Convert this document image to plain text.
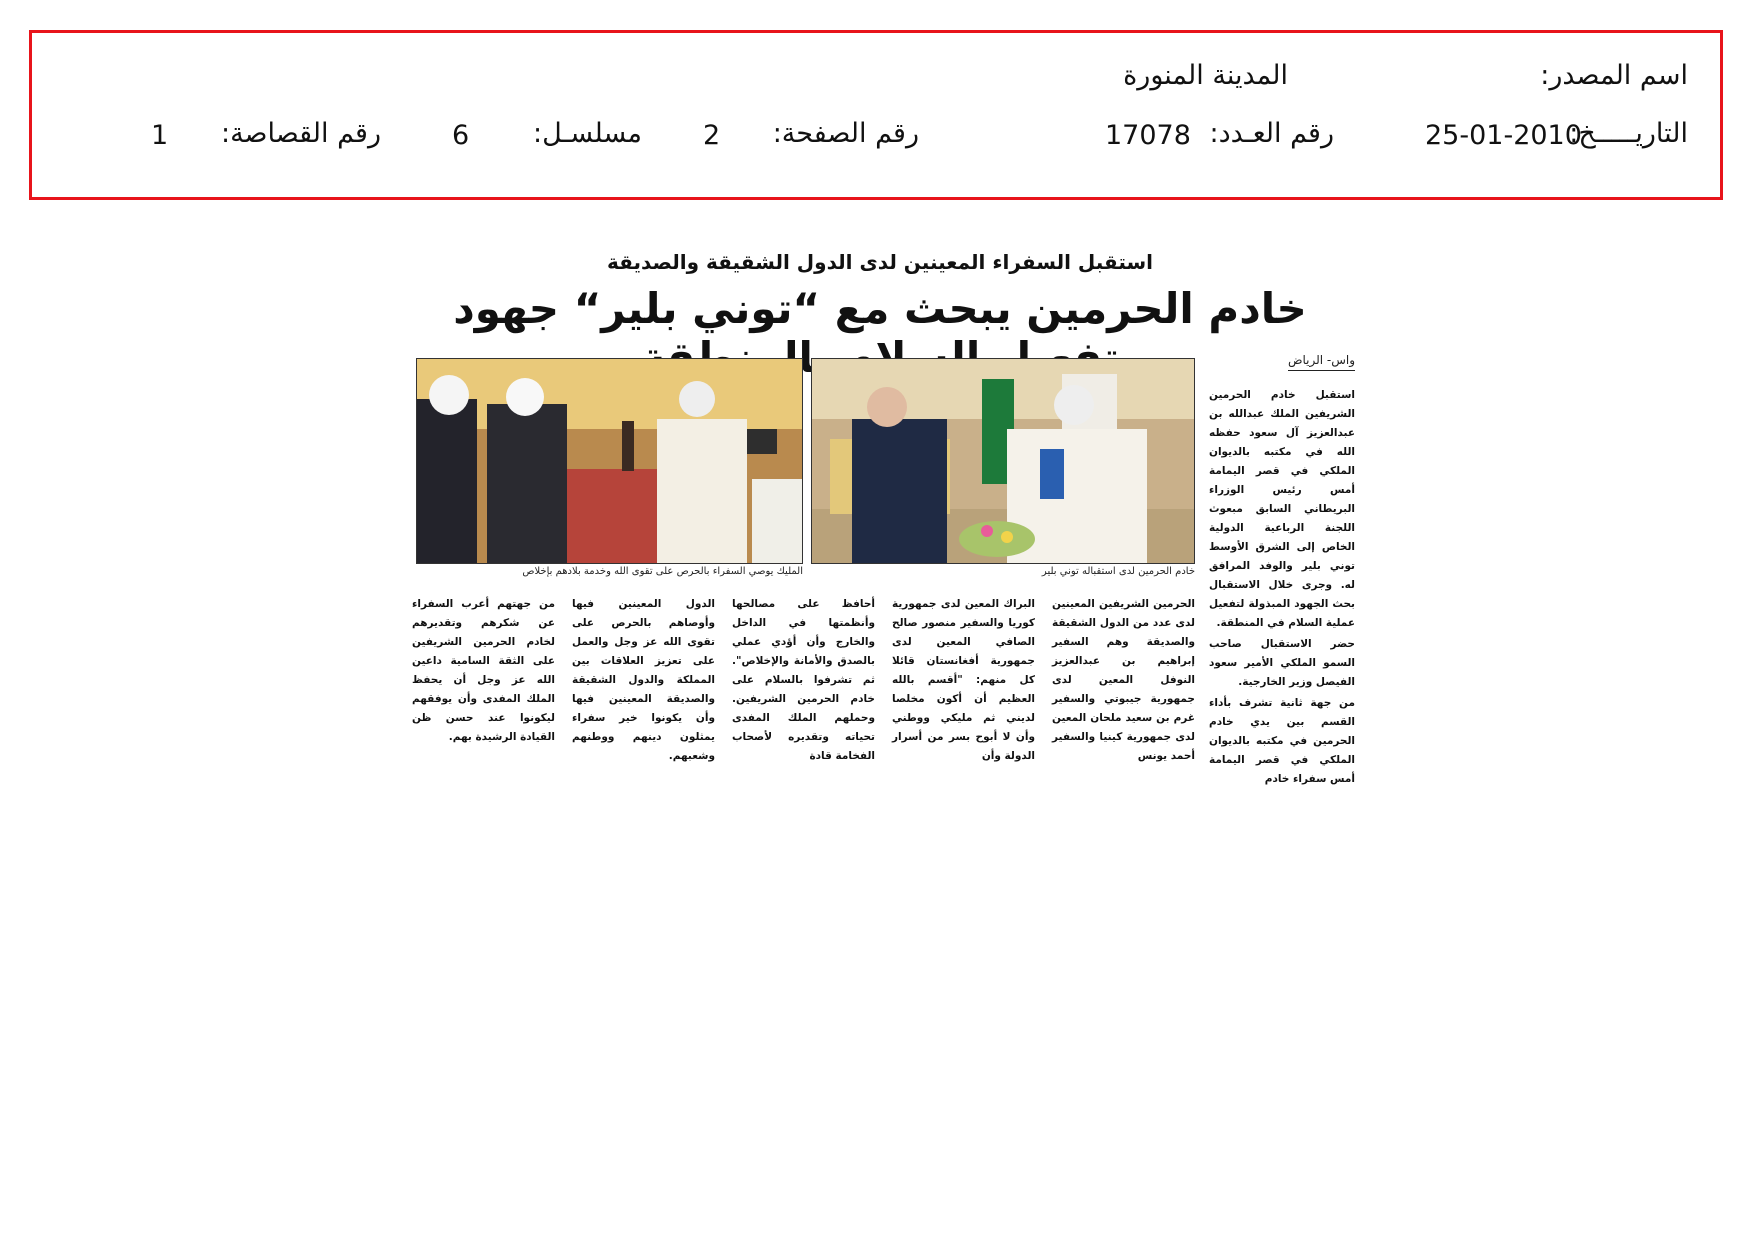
اسم المصدر:
المدينة المنورة
التاريـــــخ:
25-01-2010
رقم العـدد:
17078
رقم الصفحة:
2
مسلسـل:
6
رقم القصاصة:
1
استقبل السفراء المعينين لدى الدول الشقيقة والصديقة
خادم الحرمين يبحث مع “توني بلير“ جهود
واس- الرياض

استقبل خادم الحرمين الشريفين الملك عبدالله بن عبدالعزيز آل سعود حفظه الله في مكتبه بالديوان الملكي في قصر اليمامة أمس رئيس الوزراء البريطاني السابق مبعوث اللجنة الرباعية الدولية الخاص إلى الشرق الأوسط توني بلير والوفد المرافق له. وجرى خلال الاستقبال بحث الجهود المبذولة لتفعيل عملية السلام في المنطقة.

حضر الاستقبال صاحب السمو الملكي الأمير سعود الفيصل وزير الخارجية.

من جهة ثانية تشرف بأداء القسم بين يدي خادم الحرمين في مكتبه بالديوان الملكي في قصر اليمامة أمس سفراء خادم

خادم الحرمين لدى استقباله توني بلير
المليك يوصي السفراء بالحرص على تقوى الله وخدمة بلادهم بإخلاص
الحرمين الشريفين المعينين لدى عدد من الدول الشقيقة والصديقة وهم السفير إبراهيم بن عبدالعزيز النوفل المعين لدى جمهورية جيبوتي والسفير غرم بن سعيد ملحان المعين لدى جمهورية كينيا والسفير أحمد يونس
البراك المعين لدى جمهورية كوريا والسفير منصور صالح الصافي المعين لدى جمهورية أفغانستان قائلا كل منهم: "أقسم بالله العظيم أن أكون مخلصا لديني ثم مليكي ووطني وأن لا أبوح بسر من أسرار الدولة وأن
أحافظ على مصالحها وأنظمتها في الداخل والخارج وأن أؤدي عملي بالصدق والأمانة والإخلاص". ثم تشرفوا بالسلام على خادم الحرمين الشريفين. وحملهم الملك المفدى تحياته وتقديره لأصحاب الفخامة قادة
الدول المعينين فيها وأوصاهم بالحرص على تقوى الله عز وجل والعمل على تعزيز العلاقات بين المملكة والدول الشقيقة والصديقة المعينين فيها وأن يكونوا خير سفراء يمثلون دينهم ووطنهم وشعبهم.
من جهتهم أعرب السفراء عن شكرهم وتقديرهم لخادم الحرمين الشريفين على الثقة السامية داعين الله عز وجل أن يحفظ الملك المفدى وأن يوفقهم ليكونوا عند حسن ظن القيادة الرشيدة بهم.
